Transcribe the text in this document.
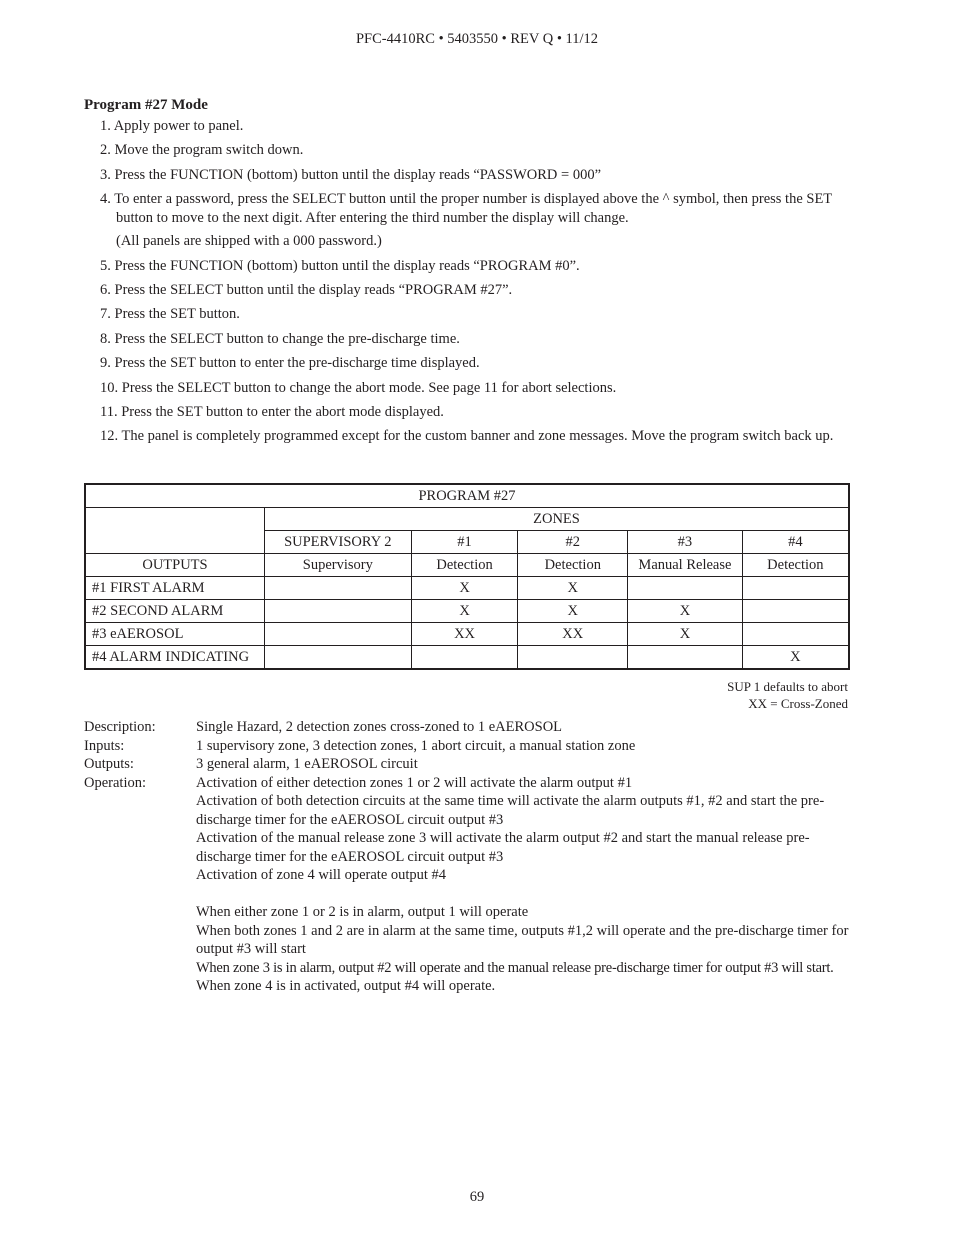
PFC-4410RC • 5403550 • REV Q • 11/12
Program #27 Mode
1. Apply power to panel.
2. Move the program switch down.
3. Press the FUNCTION (bottom) button until the display reads “PASSWORD = 000”
4. To enter a password, press the SELECT button until the proper number is displayed above the ^ symbol, then press the SET
button to move to the next digit. After entering the third number the display will change.
(All panels are shipped with a 000 password.)
5. Press the FUNCTION (bottom) button until the display reads “PROGRAM #0”.
6. Press the SELECT button until the display reads “PROGRAM #27”.
7. Press the SET button.
8. Press the SELECT button to change the pre-discharge time.
9. Press the SET button to enter the pre-discharge time displayed.
10. Press the SELECT button to change the abort mode. See page 11 for abort selections.
11. Press the SET button to enter the abort mode displayed.
12. The panel is completely programmed except for the custom banner and zone messages. Move the program switch back up.
PROGRAM #27					
	ZONES				
	SUPERVISORY 2	#1	#2	#3	#4
OUTPUTS	Supervisory	Detection	Detection	Manual Release	Detection
#1 FIRST ALARM		X	X		
#2 SECOND ALARM		X	X	X	
#3 eAEROSOL		XX	XX	X	
#4 ALARM INDICATING					X
SUP 1 defaults to abort
XX = Cross-Zoned
Description:	Single Hazard, 2 detection zones cross-zoned to 1 eAEROSOL
Inputs:	1 supervisory zone, 3 detection zones, 1 abort circuit, a manual station zone
Outputs:	3 general alarm, 1 eAEROSOL circuit
Operation:	Activation of either detection zones 1 or 2 will activate the alarm output #1
Activation of both detection circuits at the same time will activate the alarm outputs #1, #2 and start the pre-
discharge timer for the eAEROSOL circuit output #3
Activation of the manual release zone 3 will activate the alarm output #2 and start the manual release pre-
discharge timer for the eAEROSOL circuit output #3
Activation of zone 4 will operate output #4
When either zone 1 or 2 is in alarm, output 1 will operate
When both zones 1 and 2 are in alarm at the same time, outputs #1,2 will operate and the pre-discharge timer for
output #3 will start
When zone 3 is in alarm, output #2 will operate and the manual release pre-discharge timer for output #3 will start.
When zone 4 is in activated, output #4 will operate.
69
